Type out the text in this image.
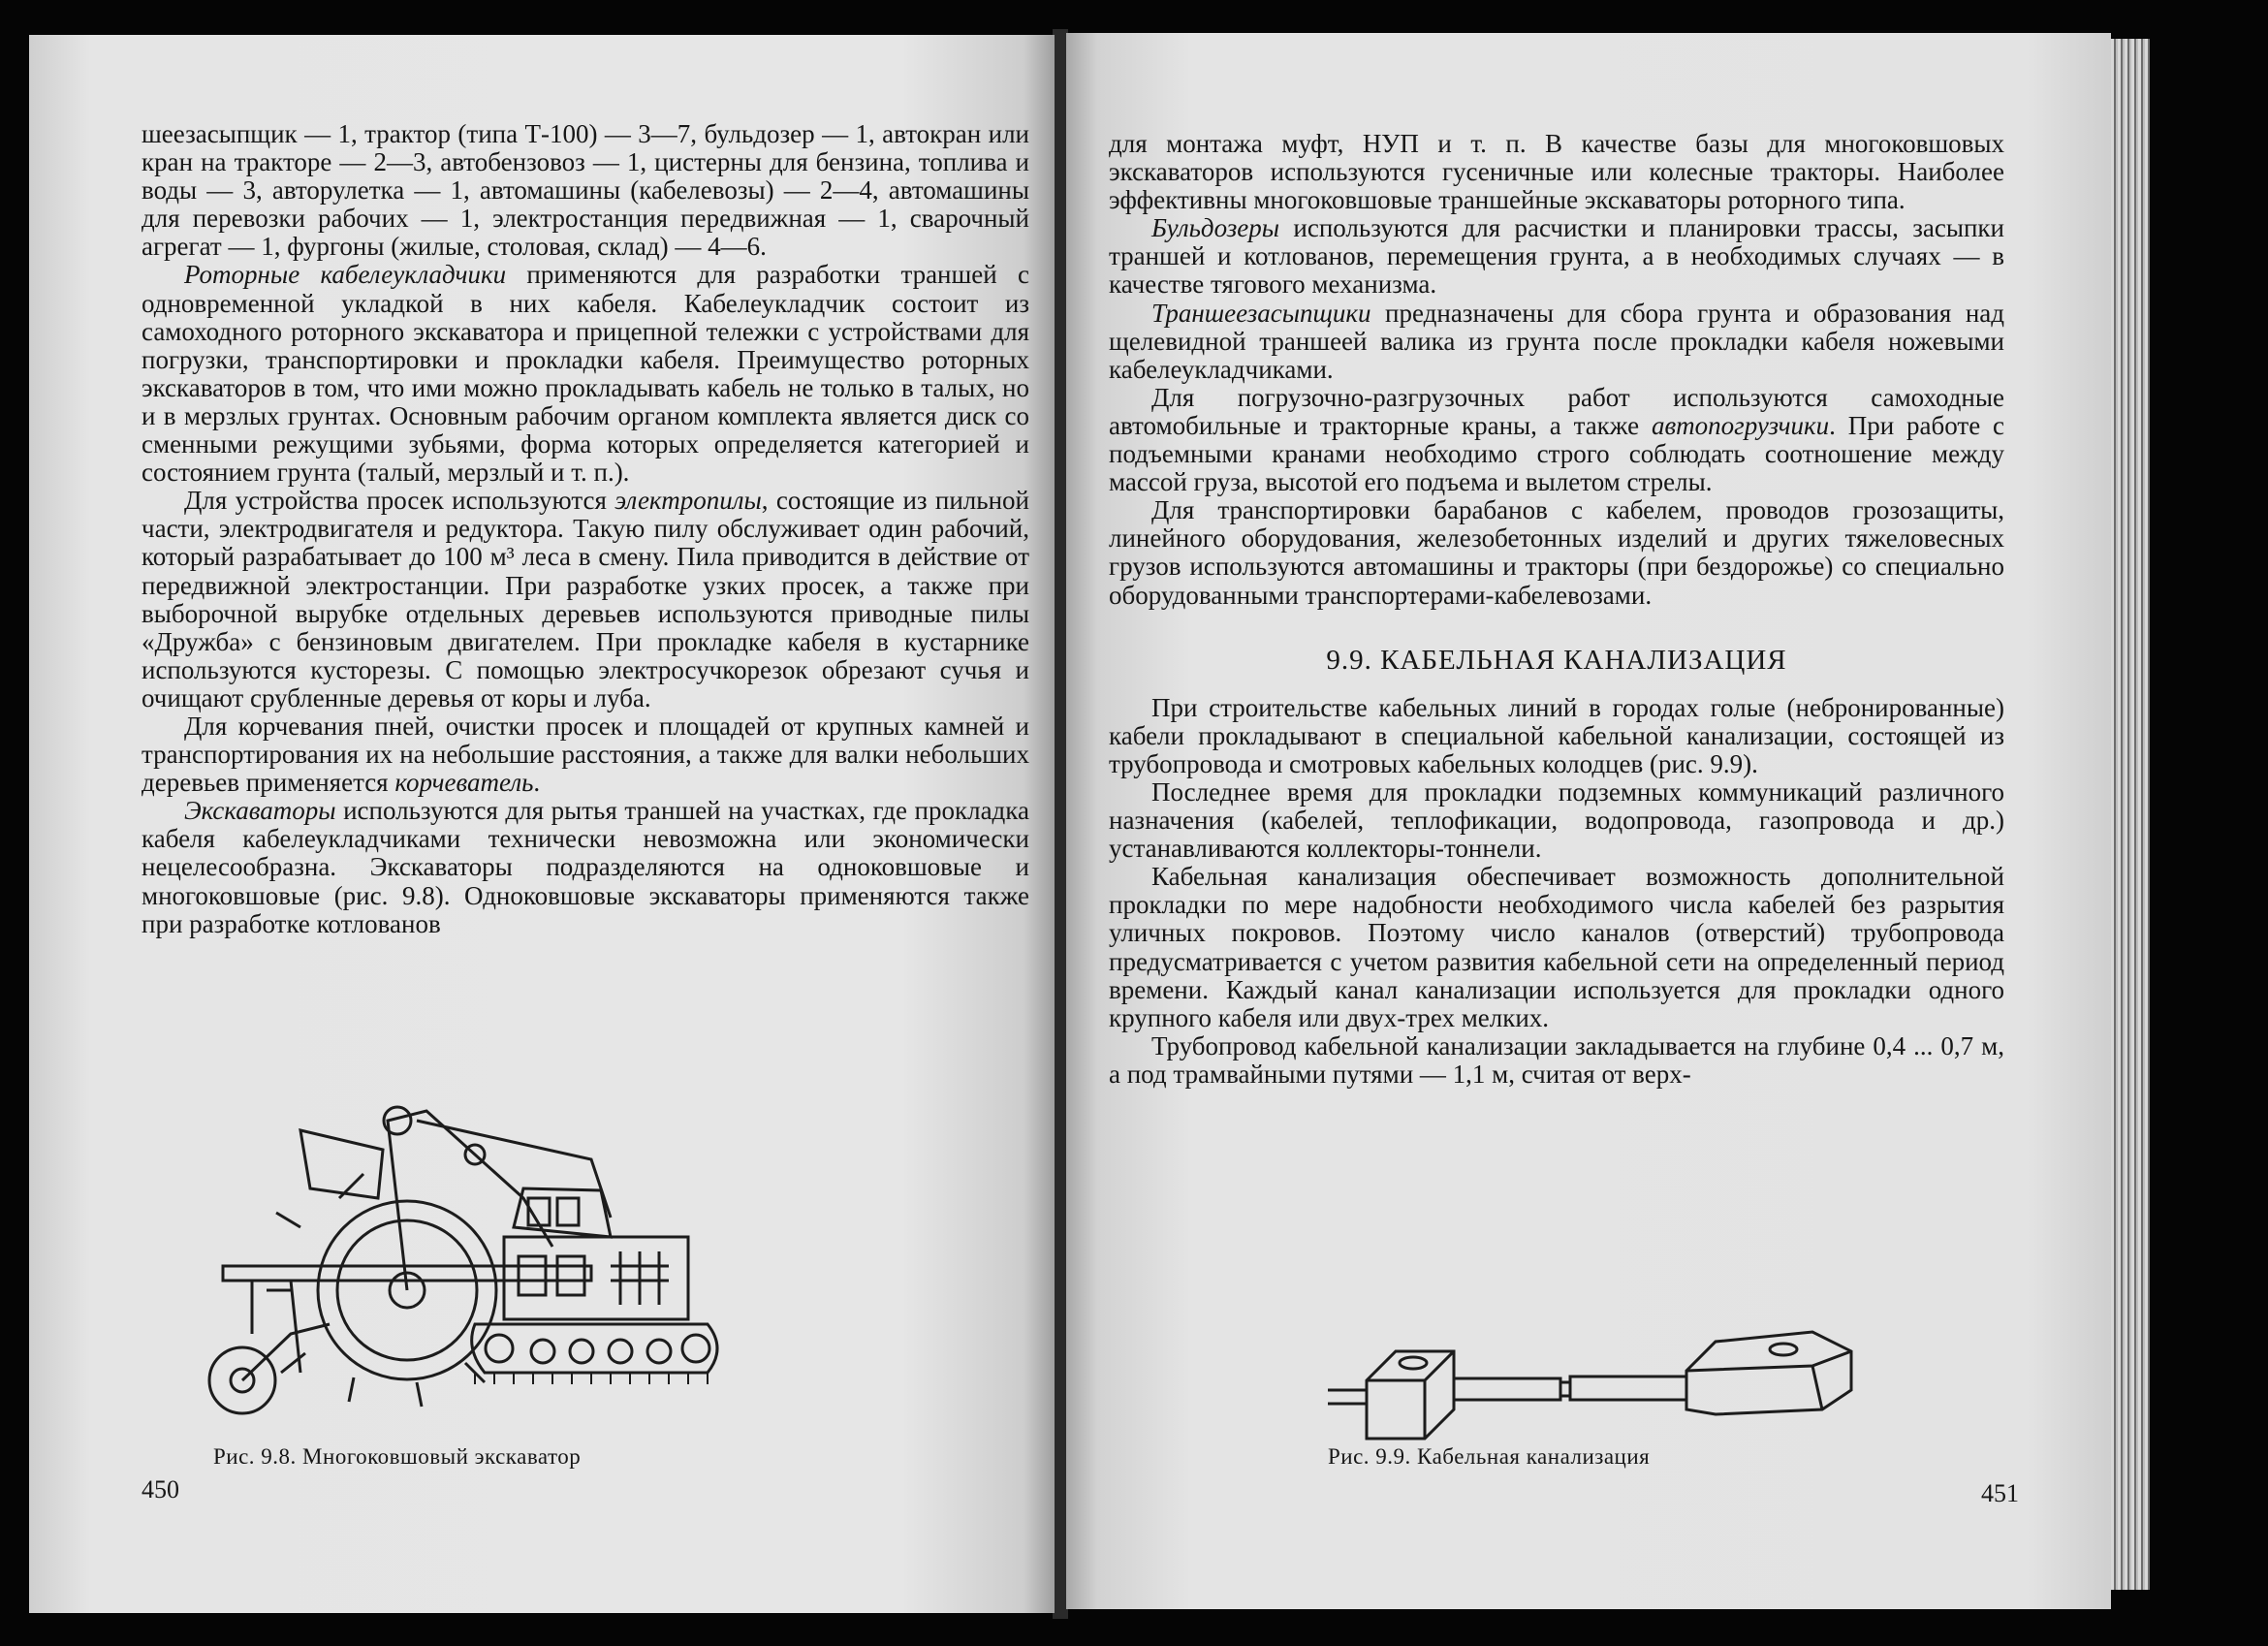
шеезасыпщик — 1, трактор (типа Т-100) — 3—7, бульдозер — 1, автокран или кран на тракторе — 2—3, автобензовоз — 1, цистерны для бензина, топлива и воды — 3, авторулетка — 1, автомашины (кабелевозы) — 2—4, автомашины для перевозки рабочих — 1, электростанция передвижная — 1, сварочный агрегат — 1, фургоны (жилые, столовая, склад) — 4—6.

Роторные кабелеукладчики применяются для разработки траншей с одновременной укладкой в них кабеля. Кабелеукладчик состоит из самоходного роторного экскаватора и прицепной тележки с устройствами для погрузки, транспортировки и прокладки кабеля. Преимущество роторных экскаваторов в том, что ими можно прокладывать кабель не только в талых, но и в мерзлых грунтах. Основным рабочим органом комплекта является диск со сменными режущими зубьями, форма которых определяется категорией и состоянием грунта (талый, мерзлый и т. п.).

Для устройства просек используются электропилы, состоящие из пильной части, электродвигателя и редуктора. Такую пилу обслуживает один рабочий, который разрабатывает до 100 м³ леса в смену. Пила приводится в действие от передвижной электростанции. При разработке узких просек, а также при выборочной вырубке отдельных деревьев используются приводные пилы «Дружба» с бензиновым двигателем. При прокладке кабеля в кустарнике используются кусторезы. С помощью электросучкорезок обрезают сучья и очищают срубленные деревья от коры и луба.

Для корчевания пней, очистки просек и площадей от крупных камней и транспортирования их на небольшие расстояния, а также для валки небольших деревьев применяется корчеватель.

Экскаваторы используются для рытья траншей на участках, где прокладка кабеля кабелеукладчиками технически невозможна или экономически нецелесообразна. Экскаваторы подразделяются на одноковшовые и многоковшовые (рис. 9.8). Одноковшовые экскаваторы применяются также при разработке котлованов

Рис. 9.8. Многоковшовый экскаватор
450

для монтажа муфт, НУП и т. п. В качестве базы для многоковшовых экскаваторов используются гусеничные или колесные тракторы. Наиболее эффективны многоковшовые траншейные экскаваторы роторного типа.

Бульдозеры используются для расчистки и планировки трассы, засыпки траншей и котлованов, перемещения грунта, а в необходимых случаях — в качестве тягового механизма.

Траншеезасыпщики предназначены для сбора грунта и образования над щелевидной траншеей валика из грунта после прокладки кабеля ножевыми кабелеукладчиками.

Для погрузочно-разгрузочных работ используются самоходные автомобильные и тракторные краны, а также автопогрузчики. При работе с подъемными кранами необходимо строго соблюдать соотношение между массой груза, высотой его подъема и вылетом стрелы.

Для транспортировки барабанов с кабелем, проводов грозозащиты, линейного оборудования, железобетонных изделий и других тяжеловесных грузов используются автомашины и тракторы (при бездорожье) со специально оборудованными транспортерами-кабелевозами.

9.9. КАБЕЛЬНАЯ КАНАЛИЗАЦИЯ

При строительстве кабельных линий в городах голые (небронированные) кабели прокладывают в специальной кабельной канализации, состоящей из трубопровода и смотровых кабельных колодцев (рис. 9.9).

Последнее время для прокладки подземных коммуникаций различного назначения (кабелей, теплофикации, водопровода, газопровода и др.) устанавливаются коллекторы-тоннели.

Кабельная канализация обеспечивает возможность дополнительной прокладки по мере надобности необходимого числа кабелей без разрытия уличных покровов. Поэтому число каналов (отверстий) трубопровода предусматривается с учетом развития кабельной сети на определенный период времени. Каждый канал канализации используется для прокладки одного крупного кабеля или двух-трех мелких.

Трубопровод кабельной канализации закладывается на глубине 0,4 ... 0,7 м, а под трамвайными путями — 1,1 м, считая от верх-

Рис. 9.9. Кабельная канализация
451
